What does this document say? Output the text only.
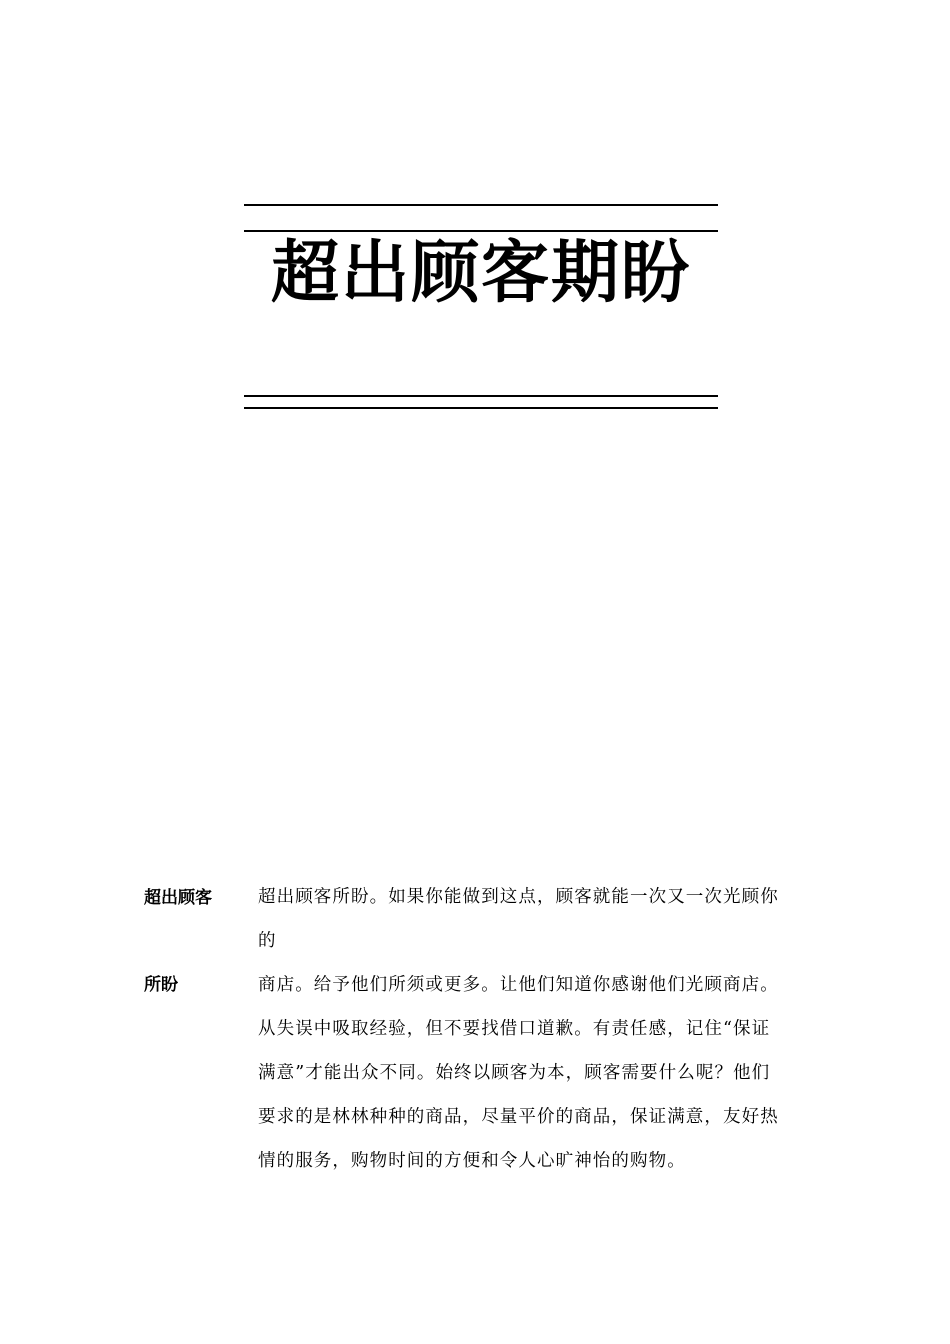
超出顾客期盼

超出顾客

所盼

超出顾客所盼。如果你能做到这点，顾客就能一次又一次光顾你
的
商店。给予他们所须或更多。让他们知道你感谢他们光顾商店。
从失误中吸取经验，但不要找借口道歉。有责任感，记住“保证
满意”才能出众不同。始终以顾客为本，顾客需要什么呢？他们
要求的是林林种种的商品，尽量平价的商品，保证满意，友好热
情的服务，购物时间的方便和令人心旷神怡的购物。
